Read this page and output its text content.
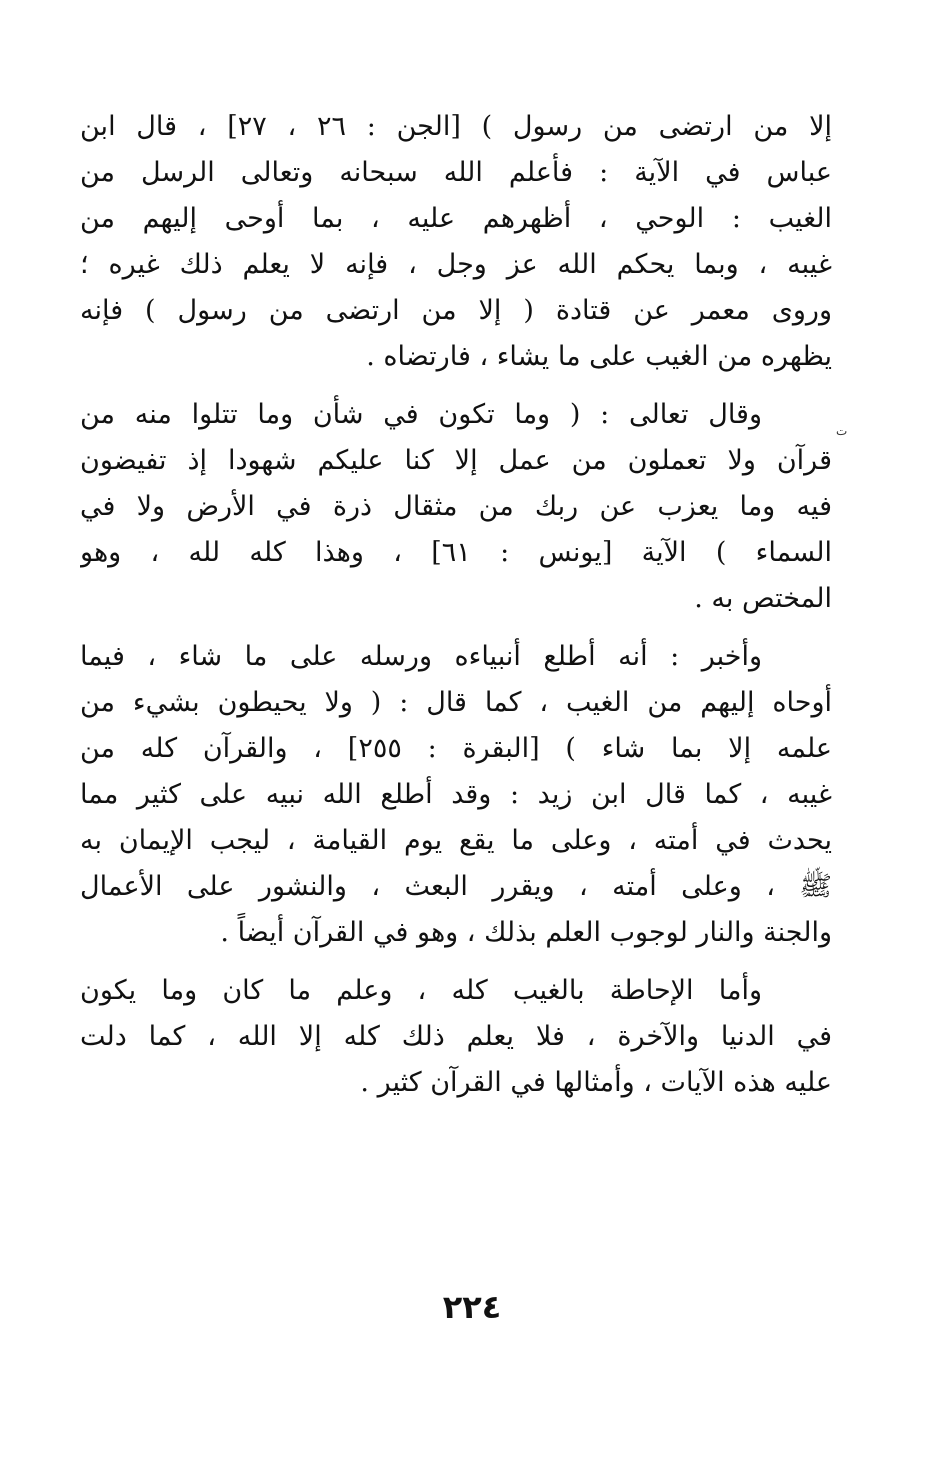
إلا من ارتضى من رسول ) [الجن : ٢٦ ، ٢٧] ، قال ابن
عباس في الآية : فأعلم الله سبحانه وتعالى الرسل من
الغيب : الوحي ، أظهرهم عليه ، بما أوحى إليهم من
غيبه ، وبما يحكم الله عز وجل ، فإنه لا يعلم ذلك غيره ؛
وروى معمر عن قتادة ( إلا من ارتضى من رسول ) فإنه
يظهره من الغيب على ما يشاء ، فارتضاه .
وقال تعالى : ( وما تكون في شأن وما تتلوا منه من
قرآن ولا تعملون من عمل إلا كنا عليكم شهودا إذ تفيضون
فيه وما يعزب عن ربك من مثقال ذرة في الأرض ولا في
السماء ) الآية [يونس : ٦١] ، وهذا كله لله ، وهو
المختص به .
وأخبر : أنه أطلع أنبياءه ورسله على ما شاء ، فيما
أوحاه إليهم من الغيب ، كما قال : ( ولا يحيطون بشيء من
علمه إلا بما شاء ) [البقرة : ٢٥٥] ، والقرآن كله من
غيبه ، كما قال ابن زيد : وقد أطلع الله نبيه على كثير مما
يحدث في أمته ، وعلى ما يقع يوم القيامة ، ليجب الإيمان به
ﷺ ، وعلى أمته ، ويقرر البعث ، والنشور على الأعمال
والجنة والنار لوجوب العلم بذلك ، وهو في القرآن أيضاً .
وأما الإحاطة بالغيب كله ، وعلم ما كان وما يكون
في الدنيا والآخرة ، فلا يعلم ذلك كله إلا الله ، كما دلت
عليه هذه الآيات ، وأمثالها في القرآن كثير .
ت
٢٢٤
